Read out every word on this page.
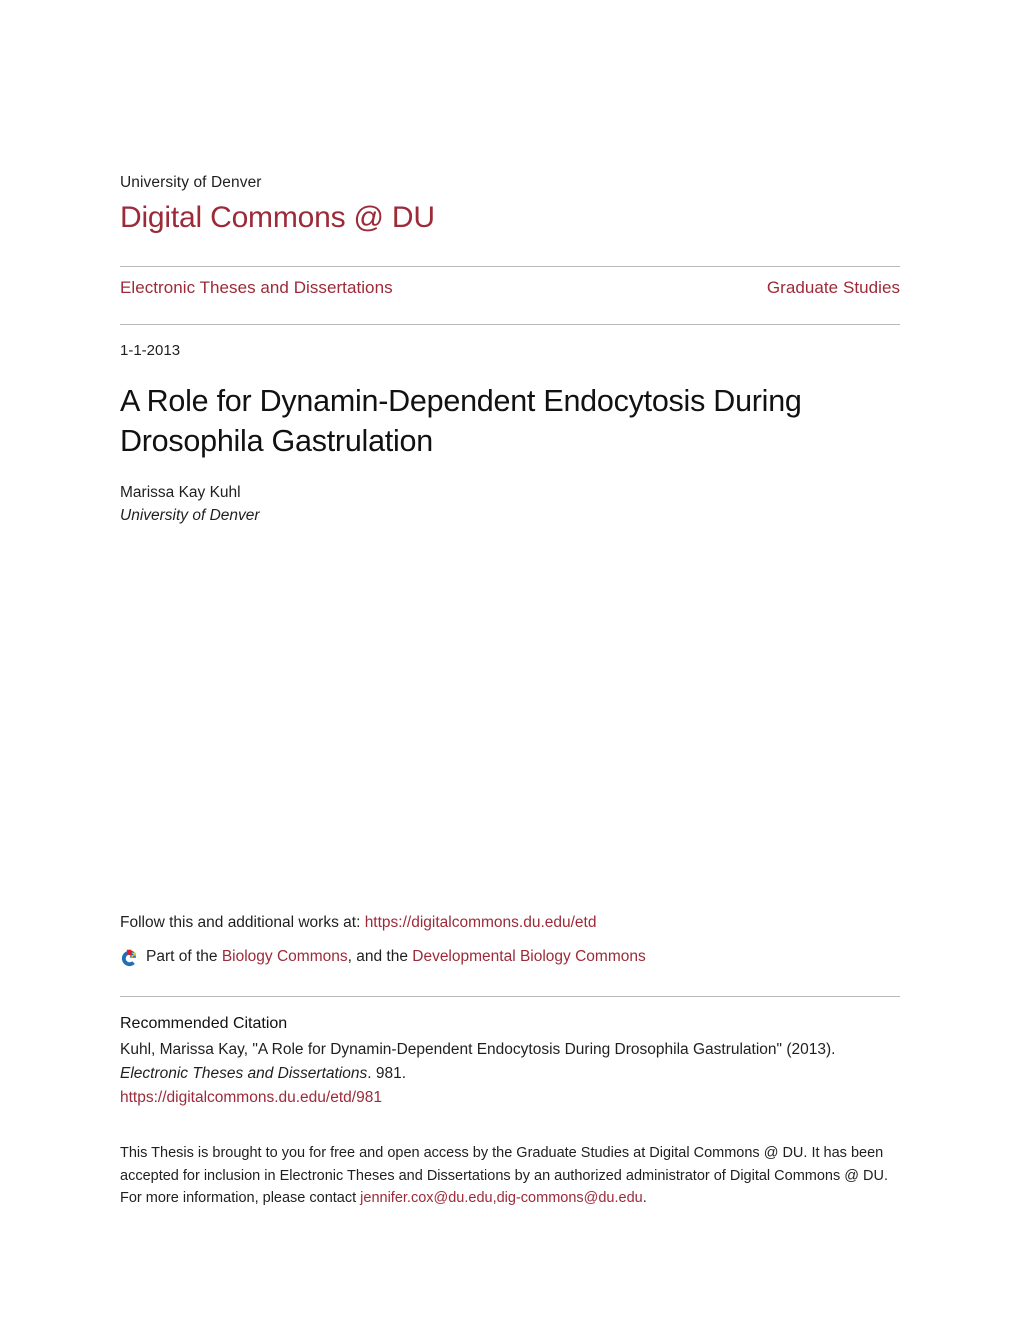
University of Denver

Digital Commons @ DU

Electronic Theses and Dissertations	Graduate Studies
1-1-2013
A Role for Dynamin-Dependent Endocytosis During Drosophila Gastrulation

Marissa Kay Kuhl

University of Denver

Follow this and additional works at: https://digitalcommons.du.edu/etd

Part of the Biology Commons, and the Developmental Biology Commons

Recommended Citation

Kuhl, Marissa Kay, "A Role for Dynamin-Dependent Endocytosis During Drosophila Gastrulation" (2013). Electronic Theses and Dissertations. 981.
https://digitalcommons.du.edu/etd/981

This Thesis is brought to you for free and open access by the Graduate Studies at Digital Commons @ DU. It has been accepted for inclusion in Electronic Theses and Dissertations by an authorized administrator of Digital Commons @ DU. For more information, please contact jennifer.cox@du.edu,dig-commons@du.edu.
